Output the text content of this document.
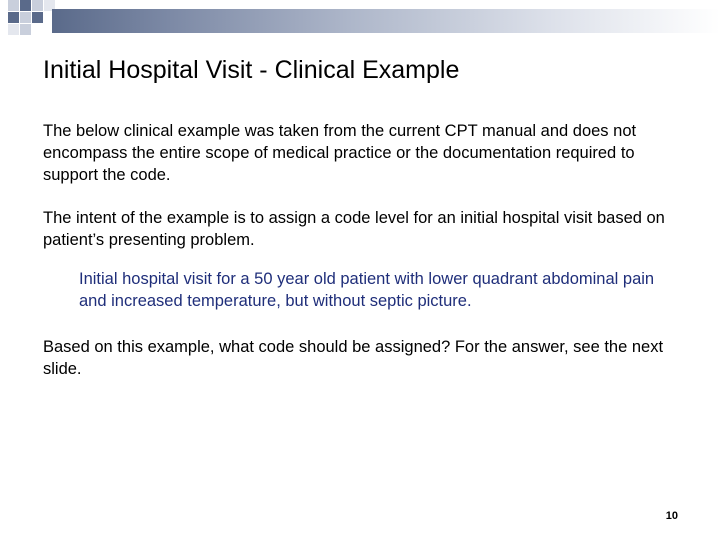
Initial Hospital Visit - Clinical Example
The below clinical example was taken from the current CPT manual and does not encompass the entire scope of medical practice or the documentation required to support the code.
The intent of the example is to assign a code level for an initial hospital visit based on patient’s presenting problem.
Initial hospital visit for a 50 year old patient with lower quadrant abdominal pain and increased temperature, but without septic picture.
Based on this example, what code should be assigned? For the answer, see the next slide.
10
